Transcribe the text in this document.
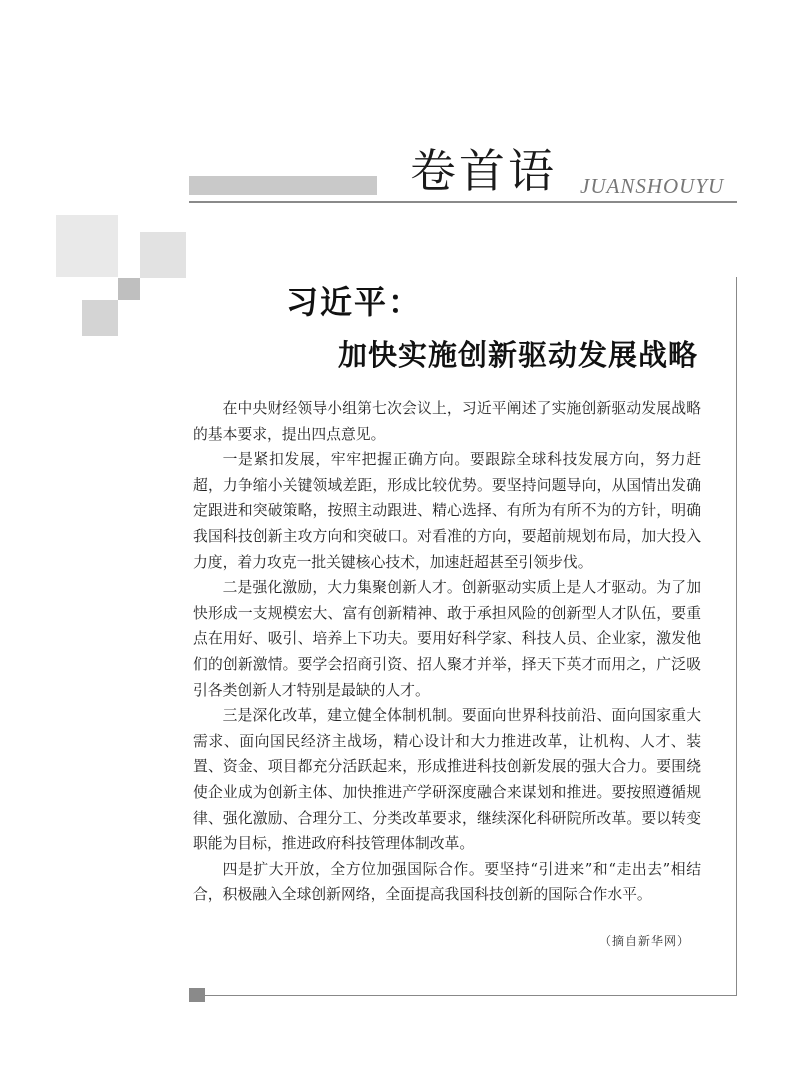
卷首语 JUANSHOUYU
习近平：
加快实施创新驱动发展战略

在中央财经领导小组第七次会议上，习近平阐述了实施创新驱动发展战略的基本要求，提出四点意见。

一是紧扣发展，牢牢把握正确方向。要跟踪全球科技发展方向，努力赶超，力争缩小关键领域差距，形成比较优势。要坚持问题导向，从国情出发确定跟进和突破策略，按照主动跟进、精心选择、有所为有所不为的方针，明确我国科技创新主攻方向和突破口。对看准的方向，要超前规划布局，加大投入力度，着力攻克一批关键核心技术，加速赶超甚至引领步伐。

二是强化激励，大力集聚创新人才。创新驱动实质上是人才驱动。为了加快形成一支规模宏大、富有创新精神、敢于承担风险的创新型人才队伍，要重点在用好、吸引、培养上下功夫。要用好科学家、科技人员、企业家，激发他们的创新激情。要学会招商引资、招人聚才并举，择天下英才而用之，广泛吸引各类创新人才特别是最缺的人才。

三是深化改革，建立健全体制机制。要面向世界科技前沿、面向国家重大需求、面向国民经济主战场，精心设计和大力推进改革，让机构、人才、装置、资金、项目都充分活跃起来，形成推进科技创新发展的强大合力。要围绕使企业成为创新主体、加快推进产学研深度融合来谋划和推进。要按照遵循规律、强化激励、合理分工、分类改革要求，继续深化科研院所改革。要以转变职能为目标，推进政府科技管理体制改革。

四是扩大开放，全方位加强国际合作。要坚持“引进来”和“走出去”相结合，积极融入全球创新网络，全面提高我国科技创新的国际合作水平。

（摘自新华网）
